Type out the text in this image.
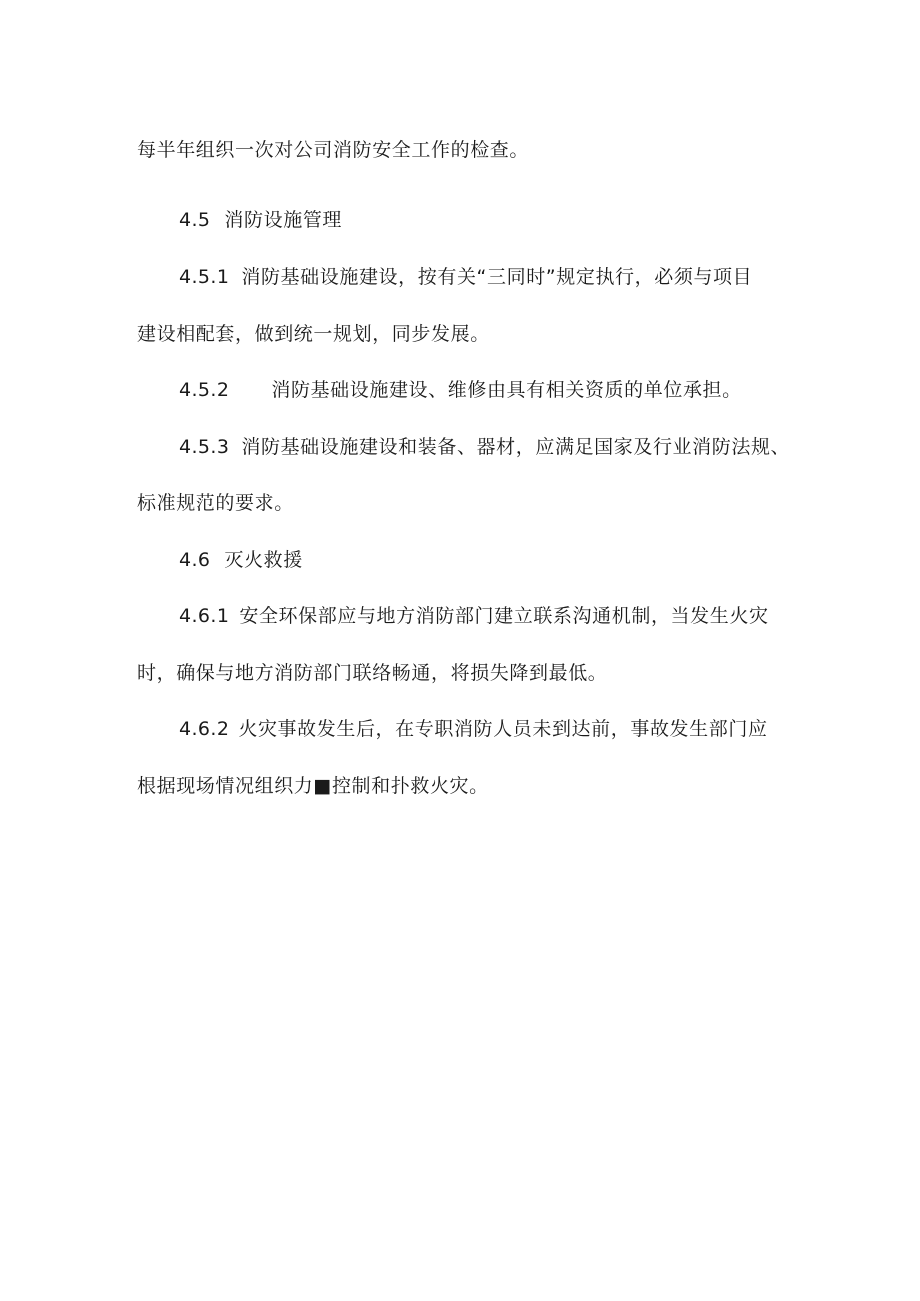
每半年组织一次对公司消防安全工作的检查。
4.5 消防设施管理
4.5.1 消防基础设施建设，按有关“三同时”规定执行，必须与项目
建设相配套，做到统一规划，同步发展。
4.5.2 消防基础设施建设、维修由具有相关资质的单位承担。
4.5.3 消防基础设施建设和装备、器材，应满足国家及行业消防法规、
标准规范的要求。
4.6 灭火救援
4.6.1 安全环保部应与地方消防部门建立联系沟通机制，当发生火灾
时，确保与地方消防部门联络畅通，将损失降到最低。
4.6.2 火灾事故发生后，在专职消防人员未到达前，事故发生部门应
根据现场情况组织力■控制和扑救火灾。
